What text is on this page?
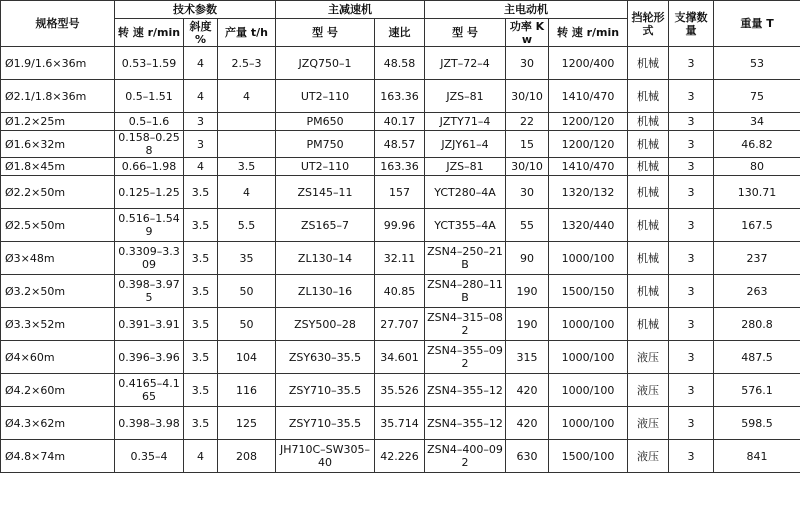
规格型号	技术参数			主减速机		主电动机			挡轮形式	支撑数量	重量 T
	转 速 r/min	斜度 %	产量 t/h	型 号	速比	型 号	功率 Kw	转 速 r/min			
Ø1.9/1.6×36m	0.53–1.59	4	2.5–3	JZQ750–1	48.58	JZT–72–4	30	1200/400	机械	3	53
Ø2.1/1.8×36m	0.5–1.51	4	4	UT2–110	163.36	JZS–81	30/10	1410/470	机械	3	75
Ø1.2×25m	0.5–1.6	3		PM650	40.17	JZTY71–4	22	1200/120	机械	3	34
Ø1.6×32m	0.158–0.258	3		PM750	48.57	JZJY61–4	15	1200/120	机械	3	46.82
Ø1.8×45m	0.66–1.98	4	3.5	UT2–110	163.36	JZS–81	30/10	1410/470	机械	3	80
Ø2.2×50m	0.125–1.25	3.5	4	ZS145–11	157	YCT280–4A	30	1320/132	机械	3	130.71
Ø2.5×50m	0.516–1.549	3.5	5.5	ZS165–7	99.96	YCT355–4A	55	1320/440	机械	3	167.5
Ø3×48m	0.3309–3.309	3.5	35	ZL130–14	32.11	ZSN4–250–21B	90	1000/100	机械	3	237
Ø3.2×50m	0.398–3.975	3.5	50	ZL130–16	40.85	ZSN4–280–11B	190	1500/150	机械	3	263
Ø3.3×52m	0.391–3.91	3.5	50	ZSY500–28	27.707	ZSN4–315–082	190	1000/100	机械	3	280.8
Ø4×60m	0.396–3.96	3.5	104	ZSY630–35.5	34.601	ZSN4–355–092	315	1000/100	液压	3	487.5
Ø4.2×60m	0.4165–4.165	3.5	116	ZSY710–35.5	35.526	ZSN4–355–12	420	1000/100	液压	3	576.1
Ø4.3×62m	0.398–3.98	3.5	125	ZSY710–35.5	35.714	ZSN4–355–12	420	1000/100	液压	3	598.5
Ø4.8×74m	0.35–4	4	208	JH710C–SW305–40	42.226	ZSN4–400–092	630	1500/100	液压	3	841
